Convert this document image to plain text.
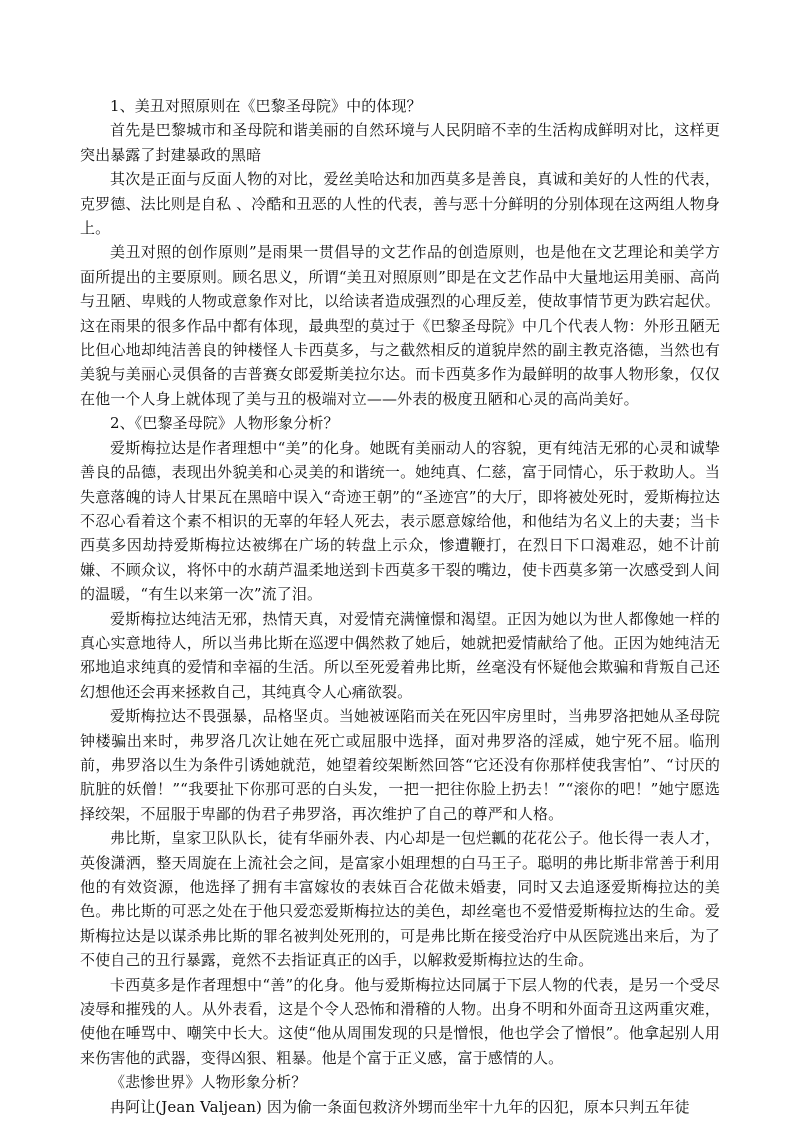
1、美丑对照原则在《巴黎圣母院》中的体现？

首先是巴黎城市和圣母院和谐美丽的自然环境与人民阴暗不幸的生活构成鲜明对比，这样更突出暴露了封建暴政的黑暗

其次是正面与反面人物的对比，爱丝美哈达和加西莫多是善良，真诚和美好的人性的代表，克罗德、法比则是自私 、冷酷和丑恶的人性的代表，善与恶十分鲜明的分别体现在这两组人物身上。

美丑对照的创作原则”是雨果一贯倡导的文艺作品的创造原则，也是他在文艺理论和美学方面所提出的主要原则。顾名思义，所谓“美丑对照原则”即是在文艺作品中大量地运用美丽、高尚与丑陋、卑贱的人物或意象作对比，以给读者造成强烈的心理反差，使故事情节更为跌宕起伏。这在雨果的很多作品中都有体现，最典型的莫过于《巴黎圣母院》中几个代表人物：外形丑陋无比但心地却纯洁善良的钟楼怪人卡西莫多，与之截然相反的道貌岸然的副主教克洛德，当然也有美貌与美丽心灵俱备的吉普赛女郎爱斯美拉尔达。而卡西莫多作为最鲜明的故事人物形象，仅仅在他一个人身上就体现了美与丑的极端对立——外表的极度丑陋和心灵的高尚美好。

2、《巴黎圣母院》人物形象分析？

爱斯梅拉达是作者理想中“美”的化身。她既有美丽动人的容貌，更有纯洁无邪的心灵和诚挚善良的品德，表现出外貌美和心灵美的和谐统一。她纯真、仁慈，富于同情心，乐于救助人。当失意落魄的诗人甘果瓦在黑暗中误入“奇迹王朝”的“圣迹宫”的大厅，即将被处死时，爱斯梅拉达不忍心看着这个素不相识的无辜的年轻人死去，表示愿意嫁给他，和他结为名义上的夫妻；当卡西莫多因劫持爱斯梅拉达被绑在广场的转盘上示众，惨遭鞭打，在烈日下口渴难忍，她不计前嫌、不顾众议，将怀中的水葫芦温柔地送到卡西莫多干裂的嘴边，使卡西莫多第一次感受到人间的温暖，“有生以来第一次”流了泪。

爱斯梅拉达纯洁无邪，热情天真，对爱情充满憧憬和渴望。正因为她以为世人都像她一样的真心实意地待人，所以当弗比斯在巡逻中偶然救了她后，她就把爱情献给了他。正因为她纯洁无邪地追求纯真的爱情和幸福的生活。所以至死爱着弗比斯，丝毫没有怀疑他会欺骗和背叛自己还幻想他还会再来拯救自己，其纯真令人心痛欲裂。

爱斯梅拉达不畏强暴，品格坚贞。当她被诬陷而关在死囚牢房里时，当弗罗洛把她从圣母院钟楼骗出来时，弗罗洛几次让她在死亡或屈服中选择，面对弗罗洛的淫威，她宁死不屈。临刑前，弗罗洛以生为条件引诱她就范，她望着绞架断然回答“它还没有你那样使我害怕”、“讨厌的肮脏的妖僧！”“我要扯下你那可恶的白头发，一把一把往你脸上扔去！”“滚你的吧！”她宁愿选择绞架，不屈服于卑鄙的伪君子弗罗洛，再次维护了自己的尊严和人格。

弗比斯，皇家卫队队长，徒有华丽外表、内心却是一包烂瓤的花花公子。他长得一表人才，英俊潇洒，整天周旋在上流社会之间，是富家小姐理想的白马王子。聪明的弗比斯非常善于利用他的有效资源，他选择了拥有丰富嫁妆的表妹百合花做未婚妻，同时又去追逐爱斯梅拉达的美色。弗比斯的可恶之处在于他只爱恋爱斯梅拉达的美色，却丝毫也不爱惜爱斯梅拉达的生命。爱斯梅拉达是以谋杀弗比斯的罪名被判处死刑的，可是弗比斯在接受治疗中从医院逃出来后，为了不使自己的丑行暴露，竟然不去指证真正的凶手，以解救爱斯梅拉达的生命。

卡西莫多是作者理想中“善”的化身。他与爱斯梅拉达同属于下层人物的代表，是另一个受尽凌辱和摧残的人。从外表看，这是个令人恐怖和滑稽的人物。出身不明和外面奇丑这两重灾难，使他在唾骂中、嘲笑中长大。这使“他从周围发现的只是憎恨，他也学会了憎恨”。他拿起别人用来伤害他的武器，变得凶狠、粗暴。他是个富于正义感，富于感情的人。

《悲惨世界》人物形象分析？

冉阿让(Jean Valjean) 因为偷一条面包救济外甥而坐牢十九年的囚犯，原本只判五年徒
